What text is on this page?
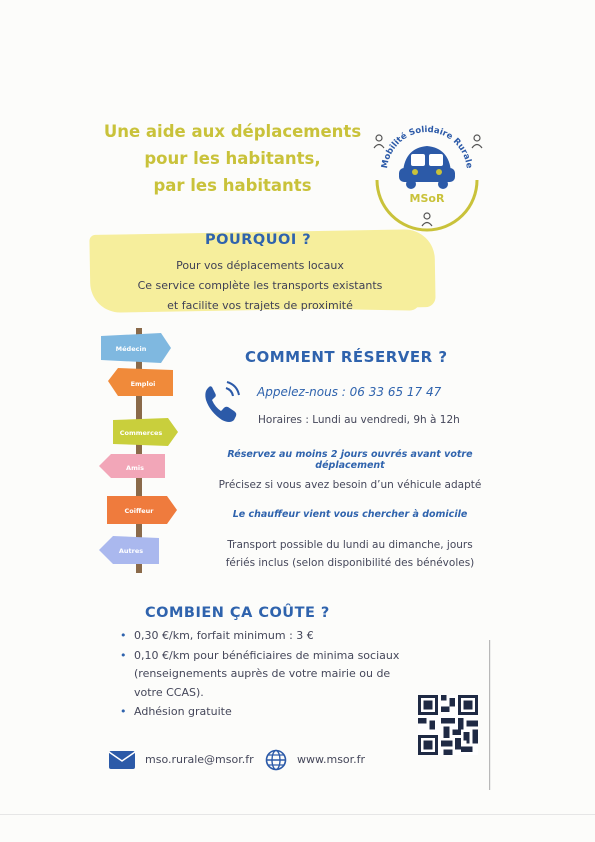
Une aide aux déplacements
pour les habitants,
par les habitants
Mobilité Solidaire Rurale
MSoR
POURQUOI ?
Pour vos déplacements locaux
Ce service complète les transports existants
et facilite vos trajets de proximité
Médecin
Emploi
Commerces
Amis
Coiffeur
Autres
COMMENT RÉSERVER ?
Appelez-nous : 06 33 65 17 47
Horaires : Lundi au vendredi, 9h à 12h
Réservez au moins 2 jours ouvrés avant votre déplacement
Précisez si vous avez besoin d’un véhicule adapté
Le chauffeur vient vous chercher à domicile
Transport possible du lundi au dimanche, jours
fériés inclus (selon disponibilité des bénévoles)
COMBIEN ÇA COÛTE ?
• 0,30 €/km, forfait minimum : 3 €
• 0,10 €/km pour bénéficiaires de minima sociaux (renseignements auprès de votre mairie ou de votre CCAS).
• Adhésion gratuite
mso.rurale@msor.fr	www.msor.fr
